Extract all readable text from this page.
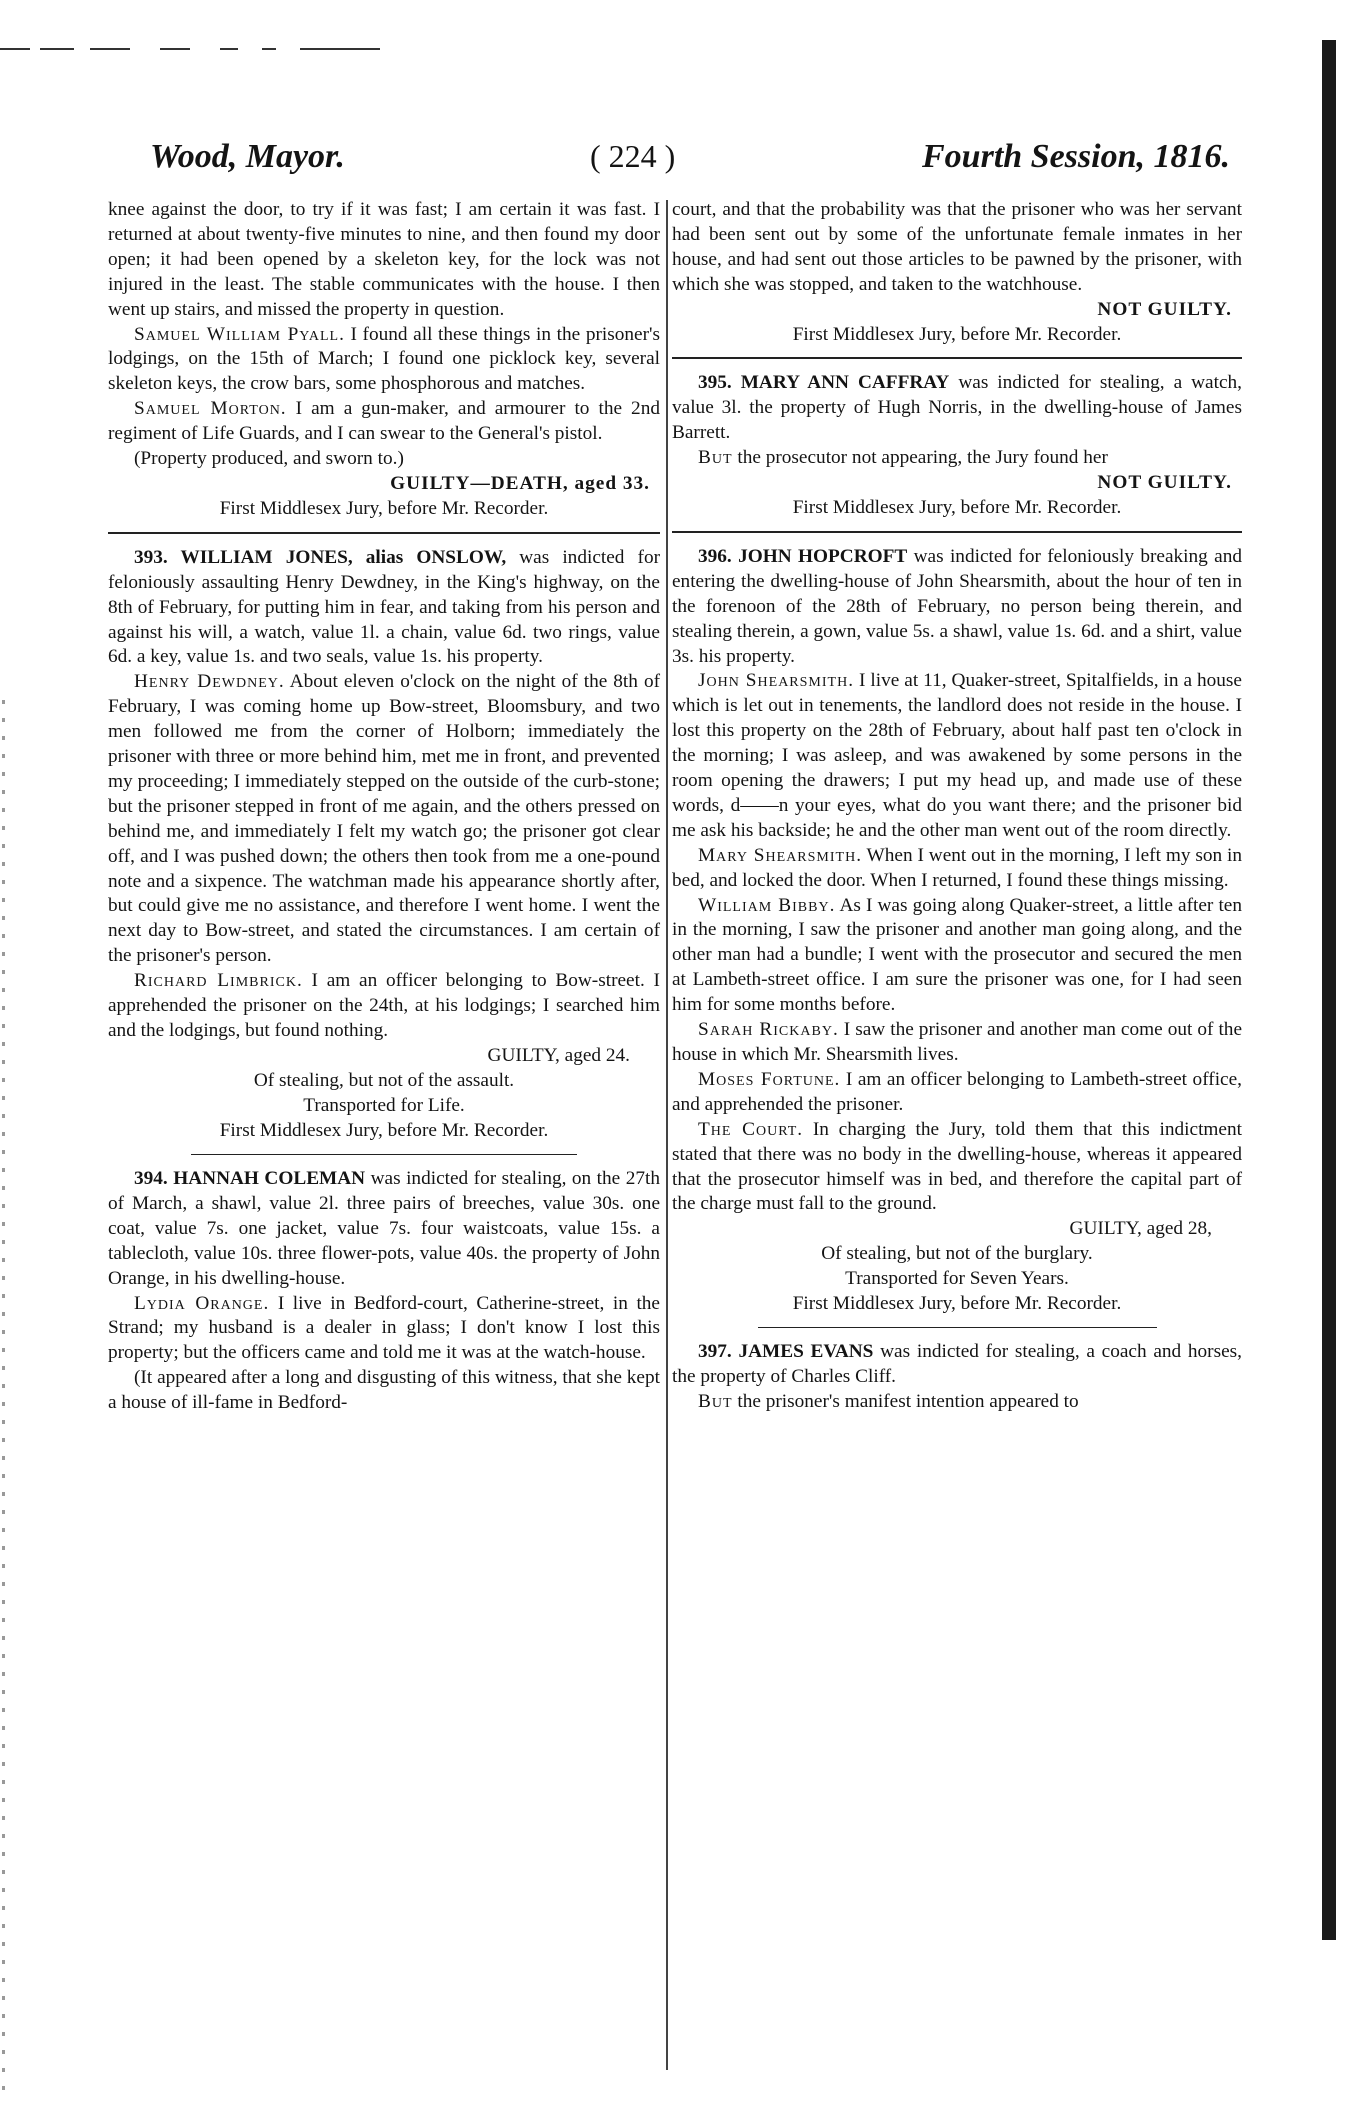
Wood, Mayor.	( 224 )	Fourth Session, 1816.

knee against the door, to try if it was fast; I am certain it was fast. I returned at about twenty-five minutes to nine, and then found my door open; it had been opened by a skeleton key, for the lock was not injured in the least. The stable communicates with the house. I then went up stairs, and missed the property in question.

Samuel William Pyall. I found all these things in the prisoner's lodgings, on the 15th of March; I found one picklock key, several skeleton keys, the crow bars, some phosphorous and matches.

Samuel Morton. I am a gun-maker, and armourer to the 2nd regiment of Life Guards, and I can swear to the General's pistol.

(Property produced, and sworn to.)

GUILTY—DEATH, aged 33.

First Middlesex Jury, before Mr. Recorder.

393. WILLIAM JONES, alias ONSLOW, was indicted for feloniously assaulting Henry Dewdney, in the King's highway, on the 8th of February, for putting him in fear, and taking from his person and against his will, a watch, value 1l. a chain, value 6d. two rings, value 6d. a key, value 1s. and two seals, value 1s. his property.

Henry Dewdney. About eleven o'clock on the night of the 8th of February, I was coming home up Bow-street, Bloomsbury, and two men followed me from the corner of Holborn; immediately the prisoner with three or more behind him, met me in front, and prevented my proceeding; I immediately stepped on the outside of the curb-stone; but the prisoner stepped in front of me again, and the others pressed on behind me, and immediately I felt my watch go; the prisoner got clear off, and I was pushed down; the others then took from me a one-pound note and a sixpence. The watchman made his appearance shortly after, but could give me no assistance, and therefore I went home. I went the next day to Bow-street, and stated the circumstances. I am certain of the prisoner's person.

Richard Limbrick. I am an officer belonging to Bow-street. I apprehended the prisoner on the 24th, at his lodgings; I searched him and the lodgings, but found nothing.

GUILTY, aged 24.

Of stealing, but not of the assault.

Transported for Life.

First Middlesex Jury, before Mr. Recorder.

394. HANNAH COLEMAN was indicted for stealing, on the 27th of March, a shawl, value 2l. three pairs of breeches, value 30s. one coat, value 7s. one jacket, value 7s. four waistcoats, value 15s. a tablecloth, value 10s. three flower-pots, value 40s. the property of John Orange, in his dwelling-house.

Lydia Orange. I live in Bedford-court, Catherine-street, in the Strand; my husband is a dealer in glass; I don't know I lost this property; but the officers came and told me it was at the watch-house.

(It appeared after a long and disgusting of this witness, that she kept a house of ill-fame in Bedford-

court, and that the probability was that the prisoner who was her servant had been sent out by some of the unfortunate female inmates in her house, and had sent out those articles to be pawned by the prisoner, with which she was stopped, and taken to the watchhouse.

NOT GUILTY.

First Middlesex Jury, before Mr. Recorder.

395. MARY ANN CAFFRAY was indicted for stealing, a watch, value 3l. the property of Hugh Norris, in the dwelling-house of James Barrett.

But the prosecutor not appearing, the Jury found her

NOT GUILTY.

First Middlesex Jury, before Mr. Recorder.

396. JOHN HOPCROFT was indicted for feloniously breaking and entering the dwelling-house of John Shearsmith, about the hour of ten in the forenoon of the 28th of February, no person being therein, and stealing therein, a gown, value 5s. a shawl, value 1s. 6d. and a shirt, value 3s. his property.

John Shearsmith. I live at 11, Quaker-street, Spitalfields, in a house which is let out in tenements, the landlord does not reside in the house. I lost this property on the 28th of February, about half past ten o'clock in the morning; I was asleep, and was awakened by some persons in the room opening the drawers; I put my head up, and made use of these words, d——n your eyes, what do you want there; and the prisoner bid me ask his backside; he and the other man went out of the room directly.

Mary Shearsmith. When I went out in the morning, I left my son in bed, and locked the door. When I returned, I found these things missing.

William Bibby. As I was going along Quaker-street, a little after ten in the morning, I saw the prisoner and another man going along, and the other man had a bundle; I went with the prosecutor and secured the men at Lambeth-street office. I am sure the prisoner was one, for I had seen him for some months before.

Sarah Rickaby. I saw the prisoner and another man come out of the house in which Mr. Shearsmith lives.

Moses Fortune. I am an officer belonging to Lambeth-street office, and apprehended the prisoner.

The Court. In charging the Jury, told them that this indictment stated that there was no body in the dwelling-house, whereas it appeared that the prosecutor himself was in bed, and therefore the capital part of the charge must fall to the ground.

GUILTY, aged 28,

Of stealing, but not of the burglary.

Transported for Seven Years.

First Middlesex Jury, before Mr. Recorder.

397. JAMES EVANS was indicted for stealing, a coach and horses, the property of Charles Cliff.

But the prisoner's manifest intention appeared to
